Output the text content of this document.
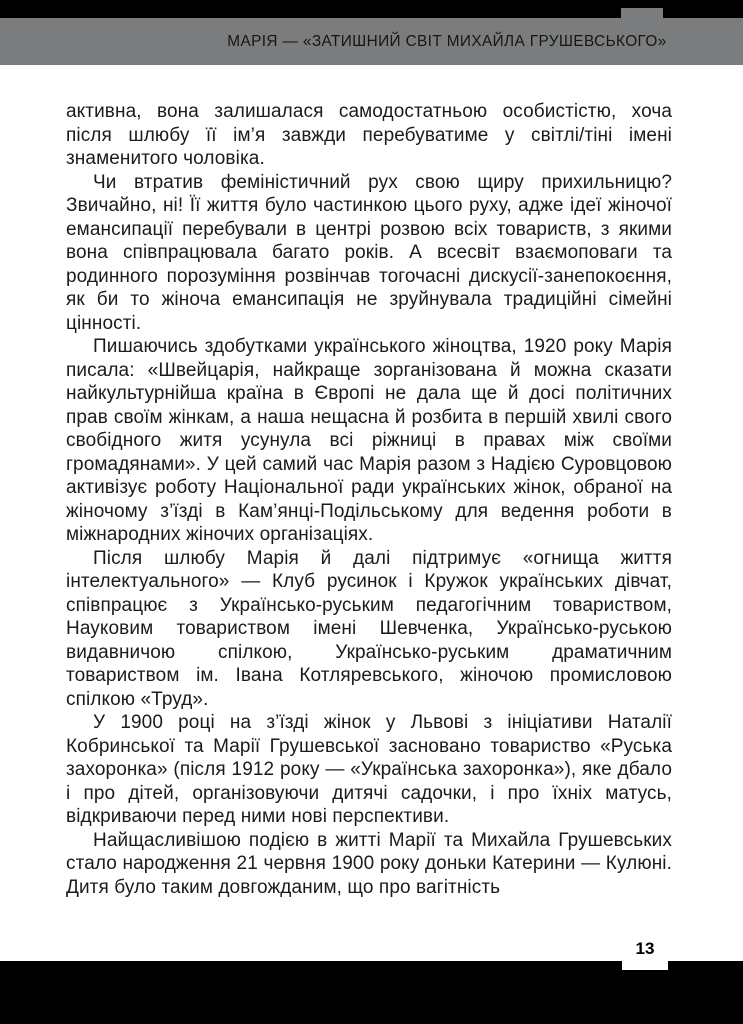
МАРІЯ — «ЗАТИШНИЙ СВІТ МИХАЙЛА ГРУШЕВСЬКОГО»

активна, вона залишалася самодостатньою особистістю, хоча після шлюбу її ім’я завжди перебуватиме у світлі/тіні імені знаменитого чоловіка.

Чи втратив феміністичний рух свою щиру прихильницю? Звичайно, ні! Її життя було частинкою цього руху, адже ідеї жіночої емансипації перебували в центрі розвою всіх товариств, з якими вона співпрацювала багато років. А всесвіт взаємоповаги та родинного порозуміння розвінчав тогочасні дискусії-занепокоєння, як би то жіноча емансипація не зруйнувала традиційні сімейні цінності.

Пишаючись здобутками українського жіноцтва, 1920 року Марія писала: «Швейцарія, найкраще зорганізована й можна сказати найкультурнійша країна в Європі не дала ще й досі політичних прав своїм жінкам, а наша нещасна й розбита в першій хвилі свого свобідного житя усунула всі ріжниці в правах між своїми громадянами». У цей самий час Марія разом з Надією Суровцовою активізує роботу Національної ради українських жінок, обраної на жіночому з’їзді в Кам’янці-Подільському для ведення роботи в міжнародних жіночих організаціях.

Після шлюбу Марія й далі підтримує «огнища життя інтелектуального» — Клуб русинок і Кружок українських дівчат, співпрацює з Українсько-руським педагогічним товариством, Науковим товариством імені Шевченка, Українсько-руською видавничою спілкою, Українсько-руським драматичним товариством ім. Івана Котляревського, жіночою промисловою спілкою «Труд».

У 1900 році на з’їзді жінок у Львові з ініціативи Наталії Кобринської та Марії Грушевської засновано товариство «Руська захоронка» (після 1912 року — «Українська захоронка»), яке дбало і про дітей, організовуючи дитячі садочки, і про їхніх матусь, відкриваючи перед ними нові перспективи.

Найщасливішою подією в житті Марії та Михайла Грушевських стало народження 21 червня 1900 року доньки Катерини — Кулюні. Дитя було таким довгожданим, що про вагітність

13
